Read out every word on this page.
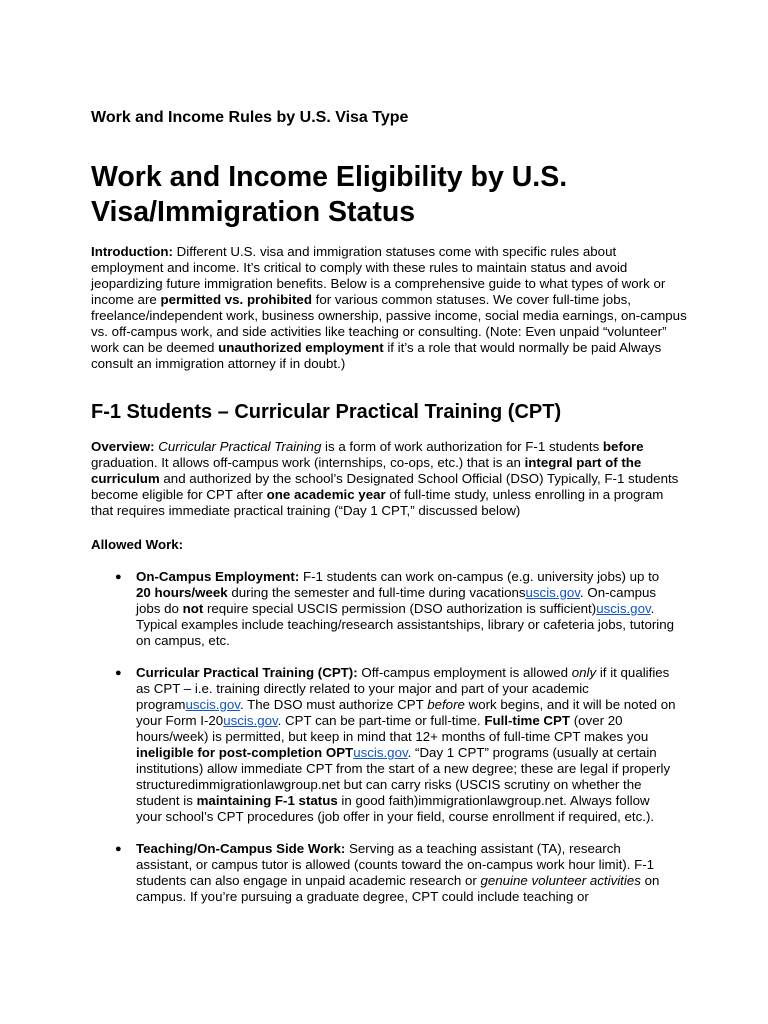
Work and Income Rules by U.S. Visa Type

Work and Income Eligibility by U.S. Visa/Immigration Status

Introduction: Different U.S. visa and immigration statuses come with specific rules about employment and income. It’s critical to comply with these rules to maintain status and avoid jeopardizing future immigration benefits. Below is a comprehensive guide to what types of work or income are permitted vs. prohibited for various common statuses. We cover full-time jobs, freelance/independent work, business ownership, passive income, social media earnings, on-campus vs. off-campus work, and side activities like teaching or consulting. (Note: Even unpaid “volunteer” work can be deemed unauthorized employment if it’s a role that would normally be paid Always consult an immigration attorney if in doubt.)

F-1 Students – Curricular Practical Training (CPT)

Overview: Curricular Practical Training is a form of work authorization for F-1 students before graduation. It allows off-campus work (internships, co-ops, etc.) that is an integral part of the curriculum and authorized by the school’s Designated School Official (DSO) Typically, F-1 students become eligible for CPT after one academic year of full-time study, unless enrolling in a program that requires immediate practical training (“Day 1 CPT,” discussed below)

Allowed Work:

● On-Campus Employment: F-1 students can work on-campus (e.g. university jobs) up to 20 hours/week during the semester and full-time during vacationsuscis.gov. On-campus jobs do not require special USCIS permission (DSO authorization is sufficient)uscis.gov. Typical examples include teaching/research assistantships, library or cafeteria jobs, tutoring on campus, etc.
● Curricular Practical Training (CPT): Off-campus employment is allowed only if it qualifies as CPT – i.e. training directly related to your major and part of your academic programuscis.gov. The DSO must authorize CPT before work begins, and it will be noted on your Form I-20uscis.gov. CPT can be part-time or full-time. Full-time CPT (over 20 hours/week) is permitted, but keep in mind that 12+ months of full-time CPT makes you ineligible for post-completion OPTuscis.gov. “Day 1 CPT” programs (usually at certain institutions) allow immediate CPT from the start of a new degree; these are legal if properly structuredimmigrationlawgroup.net but can carry risks (USCIS scrutiny on whether the student is maintaining F-1 status in good faith)immigrationlawgroup.net. Always follow your school’s CPT procedures (job offer in your field, course enrollment if required, etc.).
● Teaching/On-Campus Side Work: Serving as a teaching assistant (TA), research assistant, or campus tutor is allowed (counts toward the on-campus work hour limit). F-1 students can also engage in unpaid academic research or genuine volunteer activities on campus. If you’re pursuing a graduate degree, CPT could include teaching or
